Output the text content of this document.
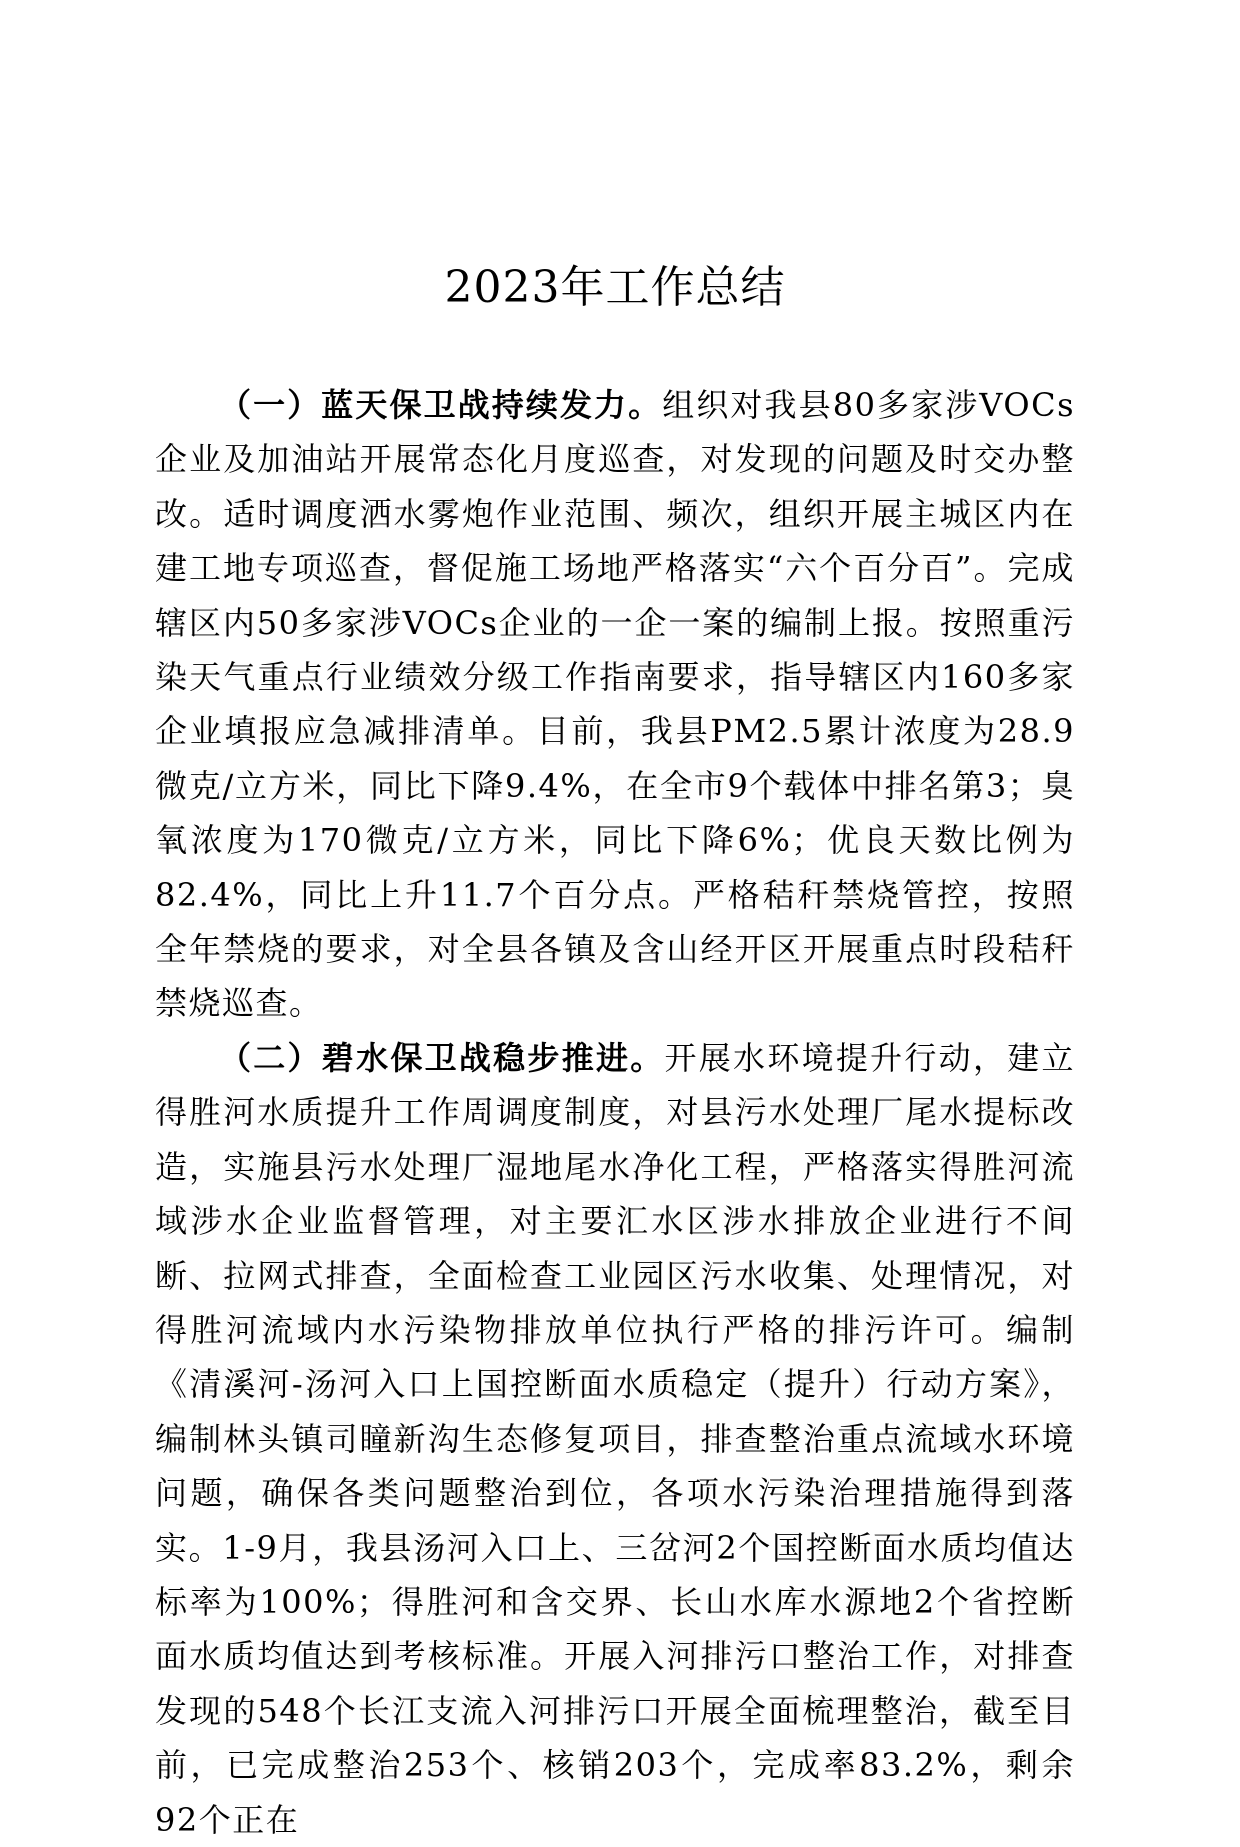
2023年工作总结

（一）蓝天保卫战持续发力。组织对我县80多家涉VOCs企业及加油站开展常态化月度巡查，对发现的问题及时交办整改。适时调度洒水雾炮作业范围、频次，组织开展主城区内在建工地专项巡查，督促施工场地严格落实“六个百分百”。完成辖区内50多家涉VOCs企业的一企一案的编制上报。按照重污染天气重点行业绩效分级工作指南要求，指导辖区内160多家企业填报应急减排清单。目前，我县PM2.5累计浓度为28.9微克/立方米，同比下降9.4%，在全市9个载体中排名第3；臭氧浓度为170微克/立方米，同比下降6%；优良天数比例为82.4%，同比上升11.7个百分点。严格秸秆禁烧管控，按照全年禁烧的要求，对全县各镇及含山经开区开展重点时段秸秆禁烧巡查。

（二）碧水保卫战稳步推进。开展水环境提升行动，建立得胜河水质提升工作周调度制度，对县污水处理厂尾水提标改造，实施县污水处理厂湿地尾水净化工程，严格落实得胜河流域涉水企业监督管理，对主要汇水区涉水排放企业进行不间断、拉网式排查，全面检查工业园区污水收集、处理情况，对得胜河流域内水污染物排放单位执行严格的排污许可。编制《清溪河-汤河入口上国控断面水质稳定（提升）行动方案》，编制林头镇司瞳新沟生态修复项目，排查整治重点流域水环境问题，确保各类问题整治到位，各项水污染治理措施得到落实。1-9月，我县汤河入口上、三岔河2个国控断面水质均值达标率为100%；得胜河和含交界、长山水库水源地2个省控断面水质均值达到考核标准。开展入河排污口整治工作，对排查发现的548个长江支流入河排污口开展全面梳理整治，截至目前，已完成整治253个、核销203个，完成率83.2%，剩余92个正在
